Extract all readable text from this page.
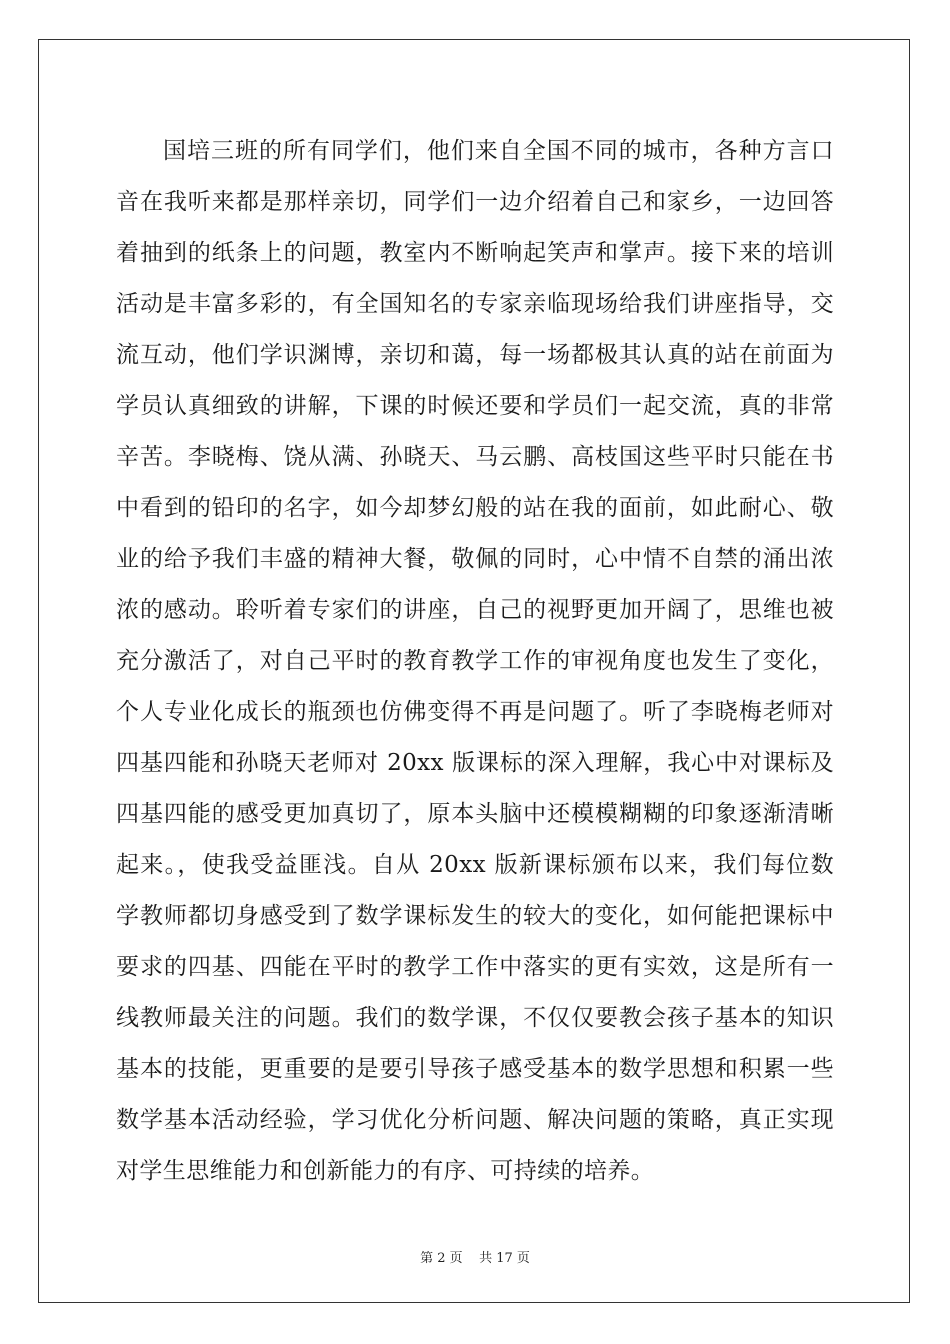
国培三班的所有同学们，他们来自全国不同的城市，各种方言口
音在我听来都是那样亲切，同学们一边介绍着自己和家乡，一边回答
着抽到的纸条上的问题，教室内不断响起笑声和掌声。接下来的培训
活动是丰富多彩的，有全国知名的专家亲临现场给我们讲座指导，交
流互动，他们学识渊博，亲切和蔼，每一场都极其认真的站在前面为
学员认真细致的讲解，下课的时候还要和学员们一起交流，真的非常
辛苦。李晓梅、饶从满、孙晓天、马云鹏、高枝国这些平时只能在书
中看到的铅印的名字，如今却梦幻般的站在我的面前，如此耐心、敬
业的给予我们丰盛的精神大餐，敬佩的同时，心中情不自禁的涌出浓
浓的感动。聆听着专家们的讲座，自己的视野更加开阔了，思维也被
充分激活了，对自己平时的教育教学工作的审视角度也发生了变化，
个人专业化成长的瓶颈也仿佛变得不再是问题了。听了李晓梅老师对
四基四能和孙晓天老师对 20xx 版课标的深入理解，我心中对课标及
四基四能的感受更加真切了，原本头脑中还模模糊糊的印象逐渐清晰
起来。，使我受益匪浅。自从 20xx 版新课标颁布以来，我们每位数
学教师都切身感受到了数学课标发生的较大的变化，如何能把课标中
要求的四基、四能在平时的教学工作中落实的更有实效，这是所有一
线教师最关注的问题。我们的数学课，不仅仅要教会孩子基本的知识
基本的技能，更重要的是要引导孩子感受基本的数学思想和积累一些
数学基本活动经验，学习优化分析问题、解决问题的策略，真正实现
对学生思维能力和创新能力的有序、可持续的培养。
第 2 页    共 17 页
